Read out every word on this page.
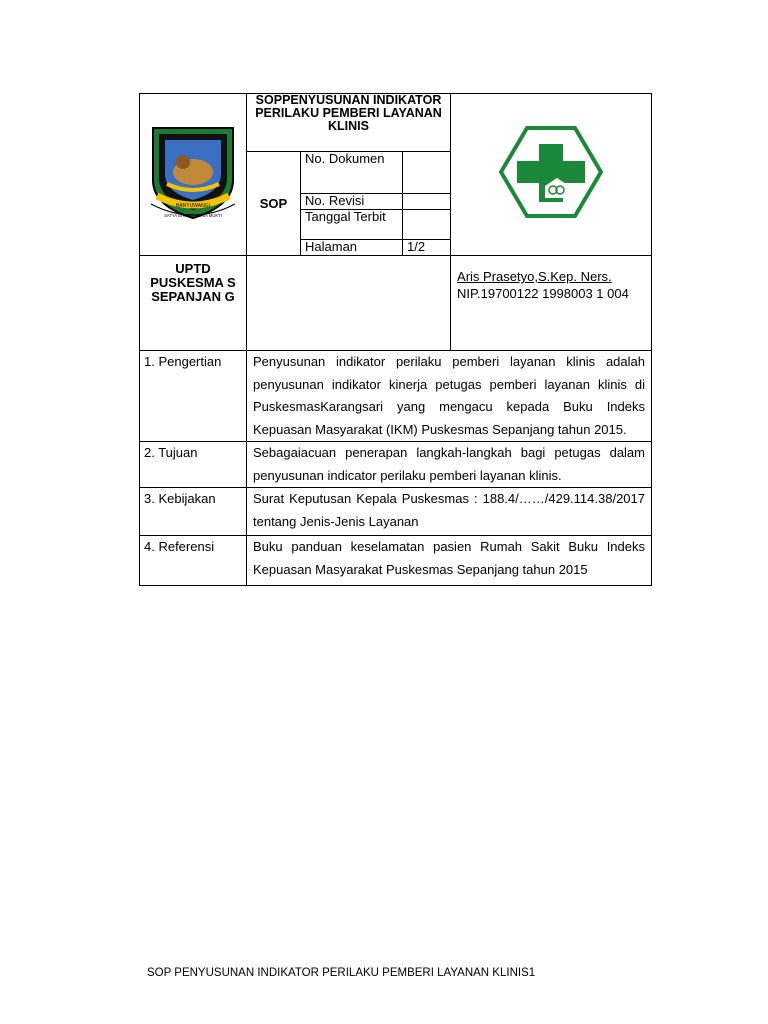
BANYUWANGI
SATYA BHAKTI PRAJA MUKTI	SOPPENYUSUNAN INDIKATOR PERILAKU PEMBERI LAYANAN KLINIS	
	SOP	No. Dokumen		
		No. Revisi		
		Tanggal Terbit		
		Halaman	1/2	
UPTD PUSKESMA S SEPANJAN G				Aris Prasetyo,S.Kep. Ners.
NIP.19700122 1998003 1 004
1. Pengertian	Penyusunan indikator perilaku pemberi layanan klinis adalah penyusunan indikator kinerja petugas pemberi layanan klinis di PuskesmasKarangsari yang mengacu kepada Buku Indeks Kepuasan Masyarakat (IKM) Puskesmas Sepanjang tahun 2015.
2. Tujuan	Sebagaiacuan penerapan langkah-langkah bagi petugas dalam penyusunan indicator perilaku pemberi layanan klinis.
3. Kebijakan	Surat Keputusan Kepala Puskesmas : 188.4/……/429.114.38/2017 tentang Jenis-Jenis Layanan
4. Referensi	Buku panduan keselamatan pasien Rumah Sakit Buku Indeks Kepuasan Masyarakat Puskesmas Sepanjang tahun 2015
SOP PENYUSUNAN INDIKATOR PERILAKU PEMBERI LAYANAN KLINIS1
